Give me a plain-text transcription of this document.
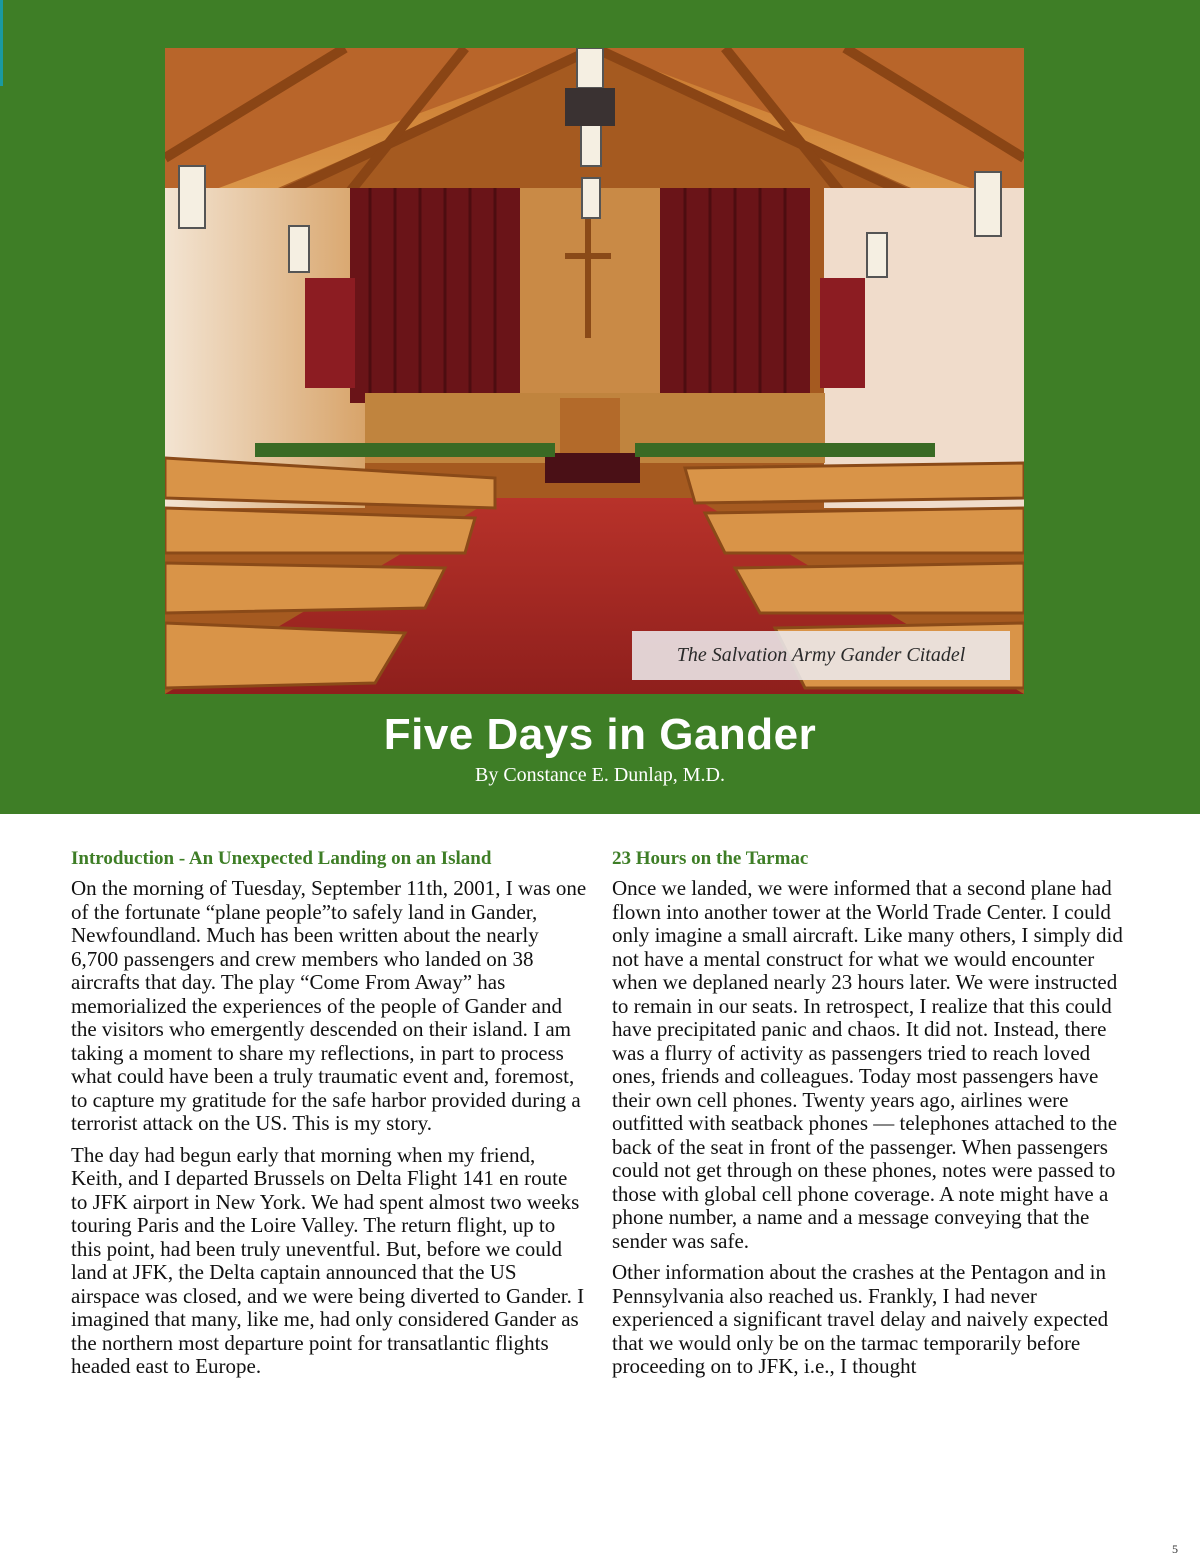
The Salvation Army Gander Citadel
Five Days in Gander
By Constance E. Dunlap, M.D.
Introduction - An Unexpected Landing on an Island

On the morning of Tuesday, September 11th, 2001, I was one of the fortunate “plane people”to safely land in Gander, Newfoundland. Much has been written about the nearly 6,700 passengers and crew members who landed on 38 aircrafts that day. The play “Come From Away” has memorialized the experiences of the people of Gander and the visitors who emergently descended on their island. I am taking a moment to share my reflections, in part to process what could have been a truly traumatic event and, foremost, to capture my gratitude for the safe harbor provided during a terrorist attack on the US. This is my story.

The day had begun early that morning when my friend, Keith, and I departed Brussels on Delta Flight 141 en route to JFK airport in New York. We had spent almost two weeks touring Paris and the Loire Valley. The return flight, up to this point, had been truly uneventful. But, before we could land at JFK, the Delta captain announced that the US airspace was closed, and we were being diverted to Gander. I imagined that many, like me, had only considered Gander as the northern most departure point for transatlantic flights headed east to Europe.

23 Hours on the Tarmac

Once we landed, we were informed that a second plane had flown into another tower at the World Trade Center. I could only imagine a small aircraft. Like many others, I simply did not have a mental construct for what we would encounter when we deplaned nearly 23 hours later. We were instructed to remain in our seats. In retrospect, I realize that this could have precipitated panic and chaos. It did not. Instead, there was a flurry of activity as passengers tried to reach loved ones, friends and colleagues. Today most passengers have their own cell phones. Twenty years ago, airlines were outfitted with seatback phones — telephones attached to the back of the seat in front of the passenger. When passengers could not get through on these phones, notes were passed to those with global cell phone coverage. A note might have a phone number, a name and a message conveying that the sender was safe.

Other information about the crashes at the Pentagon and in Pennsylvania also reached us. Frankly, I had never experienced a significant travel delay and naively expected that we would only be on the tarmac temporarily before proceeding on to JFK, i.e., I thought

5
